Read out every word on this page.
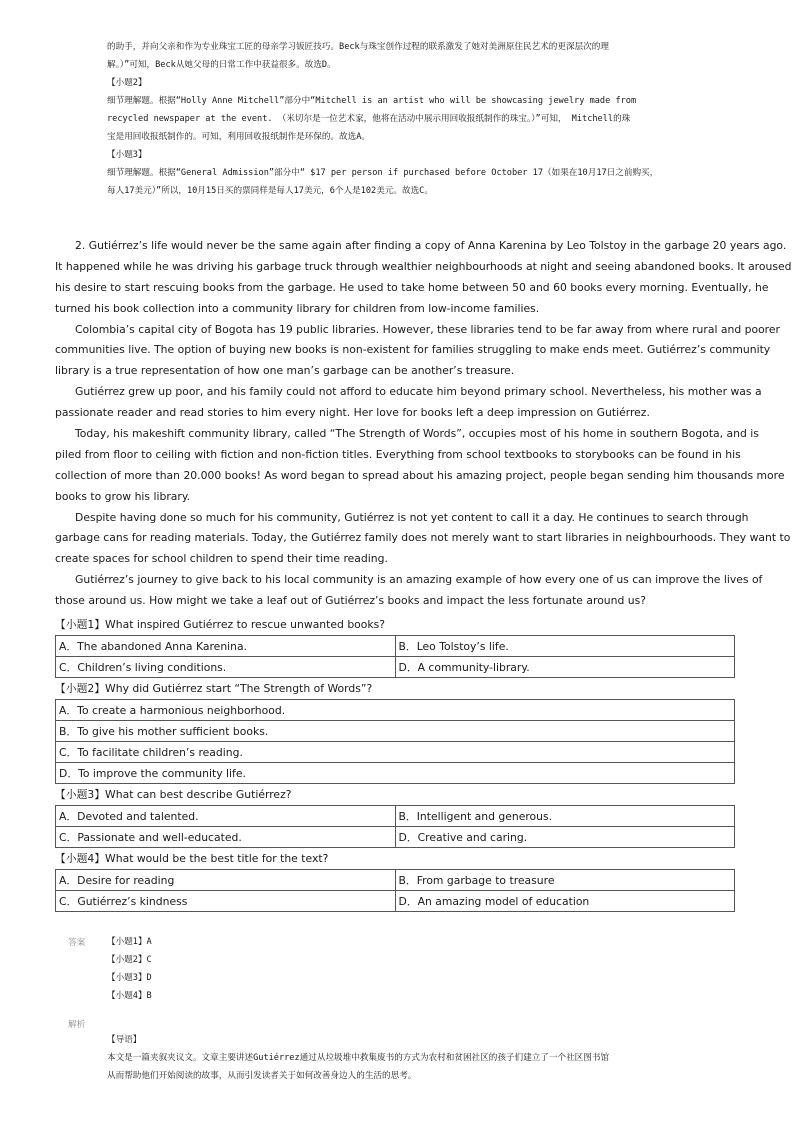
的助手，并向父亲和作为专业珠宝工匠的母亲学习钣匠技巧。Beck与珠宝创作过程的联系激发了她对美洲原住民艺术的更深层次的理
解。）”可知，Beck从她父母的日常工作中获益很多。故选D。
【小题2】
细节理解题。根据“Holly Anne Mitchell”部分中“Mitchell is an artist who will be showcasing jewelry made from
recycled newspaper at the event. （米切尔是一位艺术家，他将在活动中展示用回收报纸制作的珠宝。）”可知， Mitchell的珠
宝是用回收报纸制作的。可知，利用回收报纸制作是环保的。故选A。
【小题3】
细节理解题。根据“General Admission”部分中“ $17 per person if purchased before October 17（如果在10月17日之前购买，
每人17美元）”所以，10月15日买的票同样是每人17美元，6个人是102美元。故选C。
2. Gutiérrez’s life would never be the same again after finding a copy of Anna Karenina by Leo Tolstoy in the garbage 20 years ago.
It happened while he was driving his garbage truck through wealthier neighbourhoods at night and seeing abandoned books. It aroused
his desire to start rescuing books from the garbage. He used to take home between 50 and 60 books every morning. Eventually, he
turned his book collection into a community library for children from low-income families.
Colombia’s capital city of Bogota has 19 public libraries. However, these libraries tend to be far away from where rural and poorer
communities live. The option of buying new books is non-existent for families struggling to make ends meet. Gutiérrez’s community
library is a true representation of how one man’s garbage can be another’s treasure.
Gutiérrez grew up poor, and his family could not afford to educate him beyond primary school. Nevertheless, his mother was a
passionate reader and read stories to him every night. Her love for books left a deep impression on Gutiérrez.
Today, his makeshift community library, called “The Strength of Words”, occupies most of his home in southern Bogota, and is
piled from floor to ceiling with fiction and non-fiction titles. Everything from school textbooks to storybooks can be found in his
collection of more than 20.000 books! As word began to spread about his amazing project, people began sending him thousands more
books to grow his library.
Despite having done so much for his community, Gutiérrez is not yet content to call it a day. He continues to search through
garbage cans for reading materials. Today, the Gutiérrez family does not merely want to start libraries in neighbourhoods. They want to
create spaces for school children to spend their time reading.
Gutiérrez’s journey to give back to his local community is an amazing example of how every one of us can improve the lives of
those around us. How might we take a leaf out of Gutiérrez’s books and impact the less fortunate around us?
【小题1】What inspired Gutiérrez to rescue unwanted books?
A．The abandoned Anna Karenina.	B．Leo Tolstoy’s life.
C．Children’s living conditions.	D．A community-library.
【小题2】Why did Gutiérrez start “The Strength of Words”?
A．To create a harmonious neighborhood.
B．To give his mother sufficient books.
C．To facilitate children’s reading.
D．To improve the community life.
【小题3】What can best describe Gutiérrez?
A．Devoted and talented.	B．Intelligent and generous.
C．Passionate and well-educated.	D．Creative and caring.
【小题4】What would be the best title for the text?
A．Desire for reading	B．From garbage to treasure
C．Gutiérrez’s kindness	D．An amazing model of education
答案	【小题1】A
【小题2】C
【小题3】D
【小题4】B
解析
【导语】
本文是一篇夹叙夹议文。文章主要讲述Gutiérrez通过从垃圾堆中救集废书的方式为农村和贫困社区的孩子们建立了一个社区图书馆
从而帮助他们开始阅读的故事，从而引发读者关于如何改善身边人的生活的思考。
